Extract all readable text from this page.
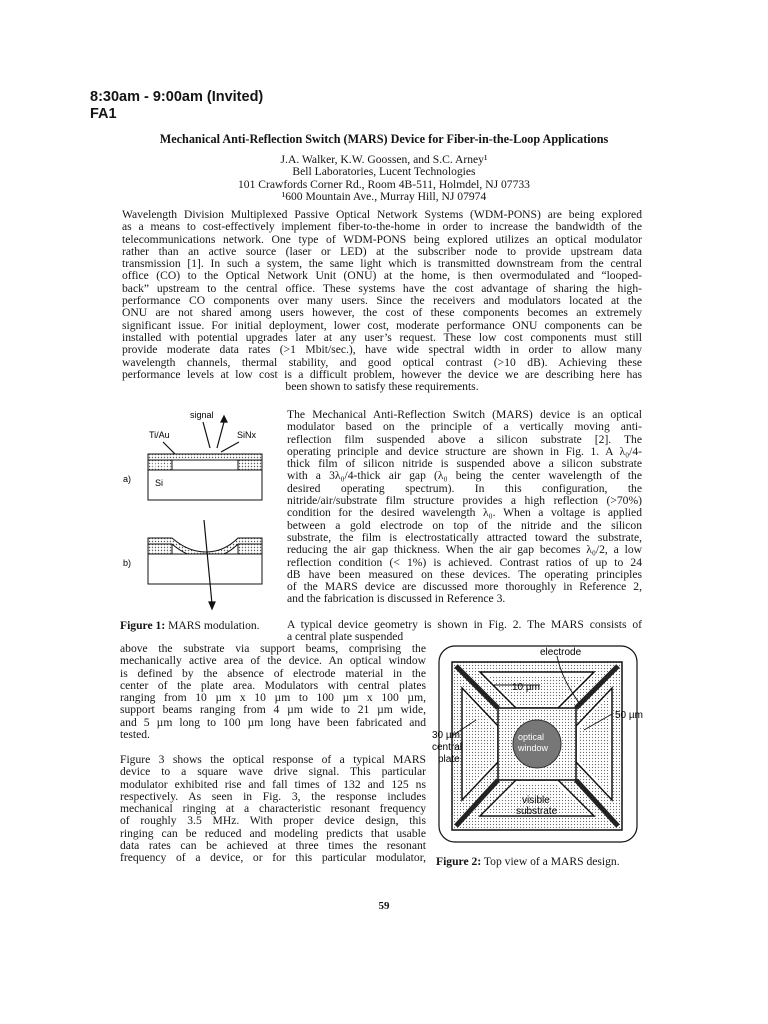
8:30am - 9:00am (Invited)
FA1
Mechanical Anti-Reflection Switch (MARS) Device for Fiber-in-the-Loop Applications
J.A. Walker, K.W. Goossen, and S.C. Arney¹
Bell Laboratories, Lucent Technologies
101 Crawfords Corner Rd., Room 4B-511, Holmdel, NJ 07733
¹600 Mountain Ave., Murray Hill, NJ 07974
Wavelength Division Multiplexed Passive Optical Network Systems (WDM-PONS) are being explored
as a means to cost-effectively implement fiber-to-the-home in order to increase the bandwidth of the
telecommunications network. One type of WDM-PONS being explored utilizes an optical modulator
rather than an active source (laser or LED) at the subscriber node to provide upstream data
transmission [1]. In such a system, the same light which is transmitted downstream from the central
office (CO) to the Optical Network Unit (ONU) at the home, is then overmodulated and “looped-
back” upstream to the central office. These systems have the cost advantage of sharing the high-
performance CO components over many users. Since the receivers and modulators located at the
ONU are not shared among users however, the cost of these components becomes an extremely
significant issue. For initial deployment, lower cost, moderate performance ONU components can be
installed with potential upgrades later at any user’s request. These low cost components must still
provide moderate data rates (>1 Mbit/sec.), have wide spectral width in order to allow many
wavelength channels, thermal stability, and good optical contrast (>10 dB). Achieving these
performance levels at low cost is a difficult problem, however the device we are describing here has
been shown to satisfy these requirements.
signal
Ti/Au	SiNx
a)
b)
PSG
Si
Figure 1: MARS modulation.
The Mechanical Anti-Reflection Switch (MARS) device is an optical
modulator based on the principle of a vertically moving anti-
reflection film suspended above a silicon substrate [2]. The
operating principle and device structure are shown in Fig. 1. A λ₀/4-
thick film of silicon nitride is suspended above a silicon substrate
with a 3λ₀/4-thick air gap (λ₀ being the center wavelength of the
desired operating spectrum). In this configuration, the
nitride/air/substrate film structure provides a high reflection (>70%)
condition for the desired wavelength λ₀. When a voltage is applied
between a gold electrode on top of the nitride and the silicon
substrate, the film is electrostatically attracted toward the substrate,
reducing the air gap thickness. When the air gap becomes λ₀/2, a low
reflection condition (< 1%) is achieved. Contrast ratios of up to 24
dB have been measured on these devices. The operating principles
of the MARS device are discussed more thoroughly in Reference 2,
and the fabrication is discussed in Reference 3.
A typical device geometry is shown in Fig. 2. The MARS consists of
a central plate suspended
above the substrate via support beams, comprising the
mechanically active area of the device. An optical window
is defined by the absence of electrode material in the
center of the plate area. Modulators with central plates
ranging from 10 µm x 10 µm to 100 µm x 100 µm,
support beams ranging from 4 µm wide to 21 µm wide,
and 5 µm long to 100 µm long have been fabricated and
tested.
Figure 3 shows the optical response of a typical MARS
device to a square wave drive signal. This particular
modulator exhibited rise and fall times of 132 and 125 ns
respectively. As seen in Fig. 3, the response includes
mechanical ringing at a characteristic resonant frequency
of roughly 3.5 MHz. With proper device design, this
ringing can be reduced and modeling predicts that usable
data rates can be achieved at three times the resonant
frequency of a device, or for this particular modulator,
electrode
10 µm
50 µm
30 µm
central
plate
optical
window
visible
substrate
Figure 2: Top view of a MARS design.
59
